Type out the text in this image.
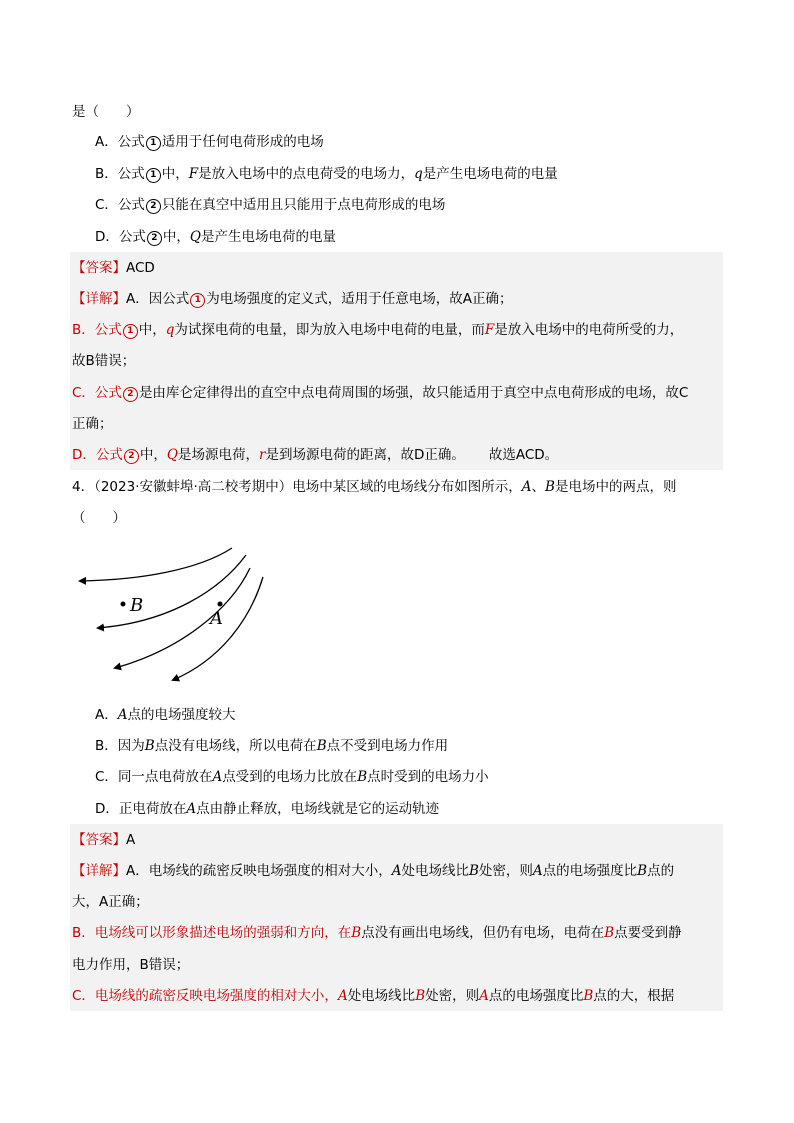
是（　　）
A．公式 1 适用于任何电荷形成的电场
B．公式 1 中，F是放入电场中的点电荷受的电场力，q是产生电场电荷的电量
C．公式 2 只能在真空中适用且只能用于点电荷形成的电场
D．公式 2 中，Q是产生电场电荷的电量
【答案】ACD
【详解】A．因公式 1 为电场强度的定义式，适用于任意电场，故A正确；
B．公式 1 中，q为试探电荷的电量，即为放入电场中电荷的电量，而F是放入电场中的电荷所受的力，
故B错误；
C．公式 2 是由库仑定律得出的直空中点电荷周围的场强，故只能适用于真空中点电荷形成的电场，故C
正确；
D．公式 2 中，Q是场源电荷，r是到场源电荷的距离，故D正确。 故选ACD。
4．（2023·安徽蚌埠·高二校考期中）电场中某区域的电场线分布如图所示，A、B是电场中的两点，则
（　　）
B
A
A．A点的电场强度较大
B．因为B点没有电场线，所以电荷在B点不受到电场力作用
C．同一点电荷放在A点受到的电场力比放在B点时受到的电场力小
D．正电荷放在A点由静止释放，电场线就是它的运动轨迹
【答案】A
【详解】A．电场线的疏密反映电场强度的相对大小，A处电场线比B处密，则A点的电场强度比B点的
大，A正确；
B．电场线可以形象描述电场的强弱和方向，在B点没有画出电场线，但仍有电场，电荷在B点要受到静
电力作用，B错误；
C．电场线的疏密反映电场强度的相对大小，A处电场线比B处密，则A点的电场强度比B点的大，根据
